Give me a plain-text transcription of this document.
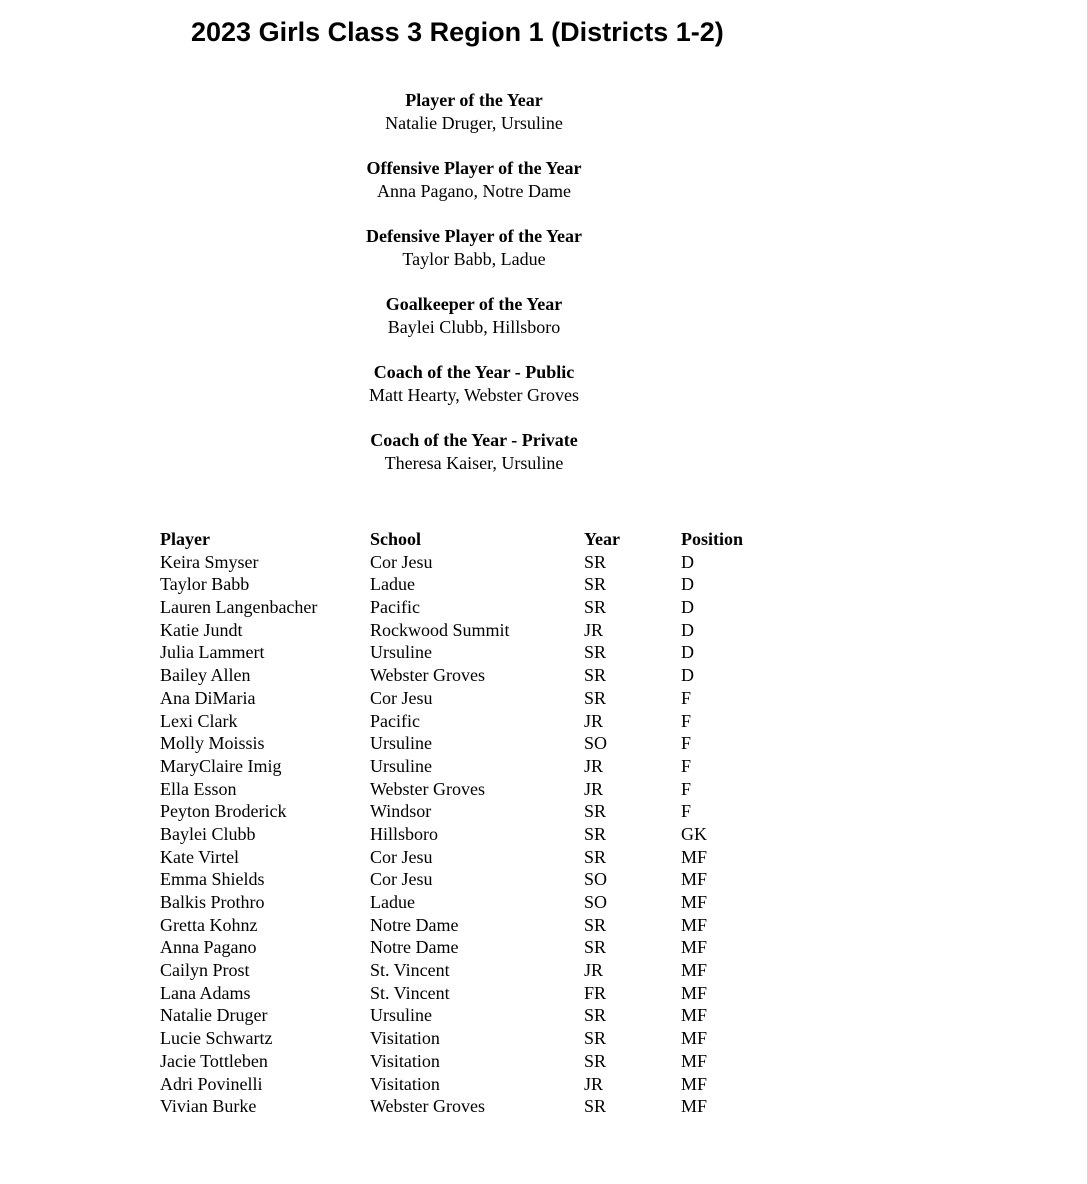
2023 Girls Class 3 Region 1 (Districts 1-2)
Player of the Year
Natalie Druger, Ursuline
Offensive Player of the Year
Anna Pagano, Notre Dame
Defensive Player of the Year
Taylor Babb, Ladue
Goalkeeper of the Year
Baylei Clubb, Hillsboro
Coach of the Year - Public
Matt Hearty, Webster Groves
Coach of the Year - Private
Theresa Kaiser, Ursuline
Player	School	Year	Position
Keira Smyser	Cor Jesu	SR	D
Taylor Babb	Ladue	SR	D
Lauren Langenbacher	Pacific	SR	D
Katie Jundt	Rockwood Summit	JR	D
Julia Lammert	Ursuline	SR	D
Bailey Allen	Webster Groves	SR	D
Ana DiMaria	Cor Jesu	SR	F
Lexi Clark	Pacific	JR	F
Molly Moissis	Ursuline	SO	F
MaryClaire Imig	Ursuline	JR	F
Ella Esson	Webster Groves	JR	F
Peyton Broderick	Windsor	SR	F
Baylei Clubb	Hillsboro	SR	GK
Kate Virtel	Cor Jesu	SR	MF
Emma Shields	Cor Jesu	SO	MF
Balkis Prothro	Ladue	SO	MF
Gretta Kohnz	Notre Dame	SR	MF
Anna Pagano	Notre Dame	SR	MF
Cailyn Prost	St. Vincent	JR	MF
Lana Adams	St. Vincent	FR	MF
Natalie Druger	Ursuline	SR	MF
Lucie Schwartz	Visitation	SR	MF
Jacie Tottleben	Visitation	SR	MF
Adri Povinelli	Visitation	JR	MF
Vivian Burke	Webster Groves	SR	MF
